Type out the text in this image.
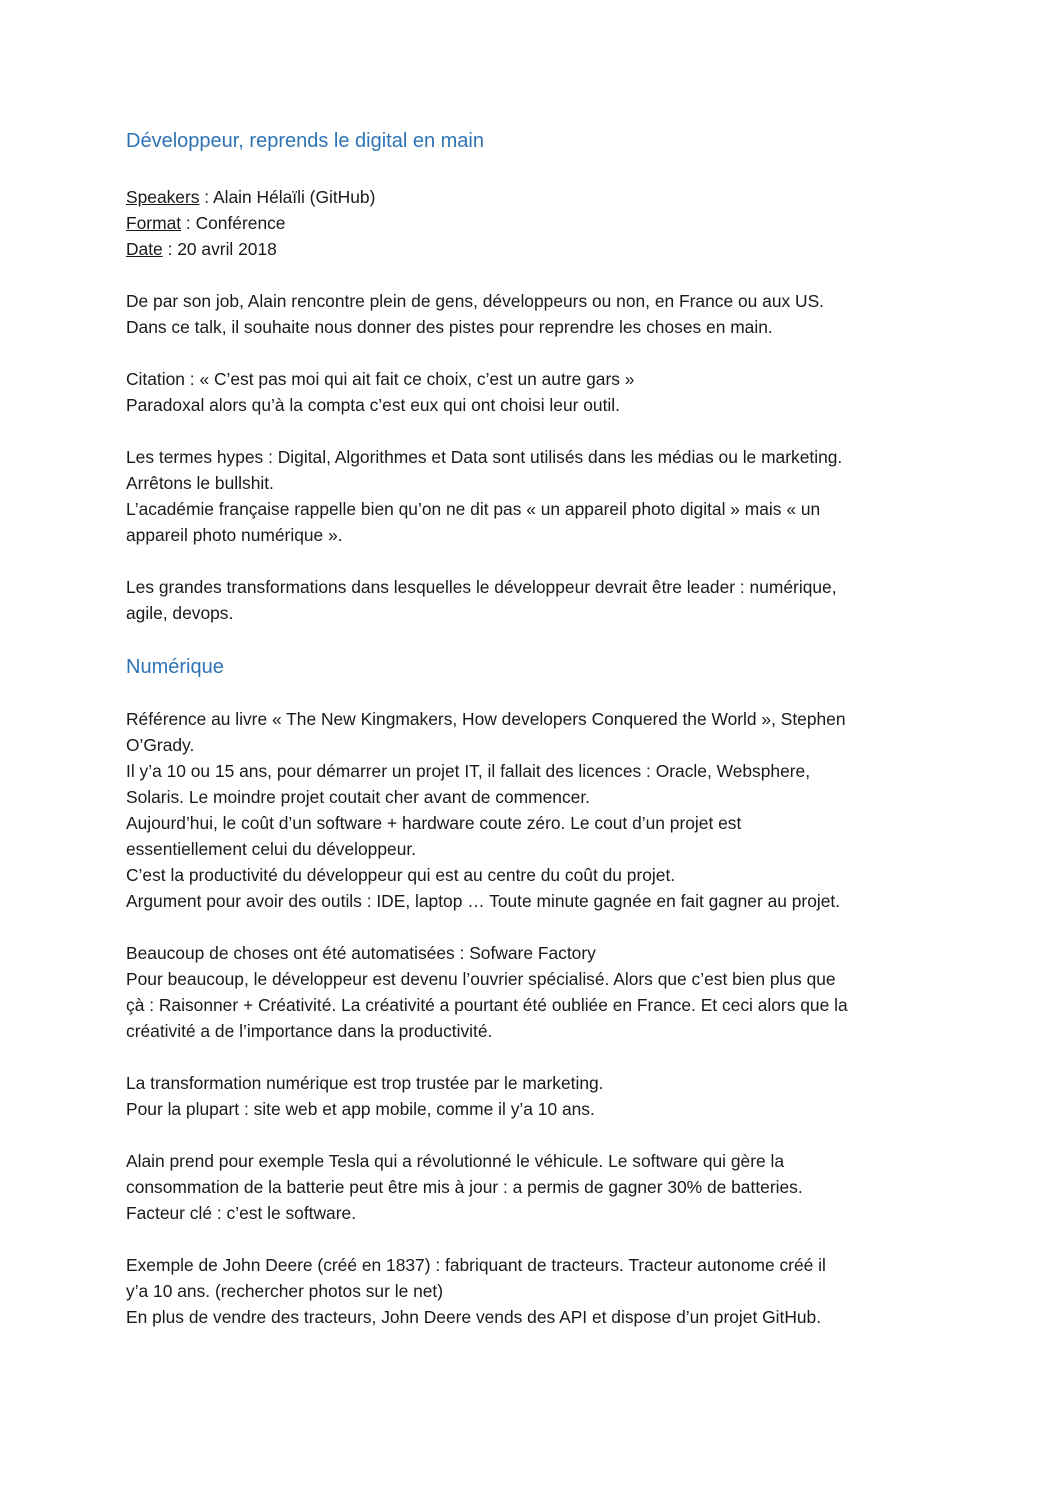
Développeur, reprends le digital en main

Speakers : Alain Hélaïli (GitHub)

Format : Conférence

Date : 20 avril 2018

De par son job, Alain rencontre plein de gens, développeurs ou non, en France ou aux US.

Dans ce talk, il souhaite nous donner des pistes pour reprendre les choses en main.

Citation : « C’est pas moi qui ait fait ce choix, c’est un autre gars »

Paradoxal alors qu’à la compta c’est eux qui ont choisi leur outil.

Les termes hypes : Digital, Algorithmes et Data sont utilisés dans les médias ou le marketing.

Arrêtons le bullshit.

L’académie française rappelle bien qu’on ne dit pas « un appareil photo digital » mais « un

appareil photo numérique ».

Les grandes transformations dans lesquelles le développeur devrait être leader : numérique,

agile, devops.

Numérique

Référence au livre « The New Kingmakers, How developers Conquered the World », Stephen

O’Grady.

Il y’a 10 ou 15 ans, pour démarrer un projet IT, il fallait des licences : Oracle, Websphere,

Solaris. Le moindre projet coutait cher avant de commencer.

Aujourd’hui, le coût d’un software + hardware coute zéro. Le cout d’un projet est

essentiellement celui du développeur.

C’est la productivité du développeur qui est au centre du coût du projet.

Argument pour avoir des outils : IDE, laptop … Toute minute gagnée en fait gagner au projet.

Beaucoup de choses ont été automatisées : Sofware Factory

Pour beaucoup, le développeur est devenu l’ouvrier spécialisé. Alors que c’est bien plus que

çà : Raisonner + Créativité. La créativité a pourtant été oubliée en France. Et ceci alors que la

créativité a de l’importance dans la productivité.

La transformation numérique est trop trustée par le marketing.

Pour la plupart : site web et app mobile, comme il y’a 10 ans.

Alain prend pour exemple Tesla qui a révolutionné le véhicule. Le software qui gère la

consommation de la batterie peut être mis à jour : a permis de gagner 30% de batteries.

Facteur clé : c’est le software.

Exemple de John Deere (créé en 1837) : fabriquant de tracteurs. Tracteur autonome créé il

y’a 10 ans. (rechercher photos sur le net)

En plus de vendre des tracteurs, John Deere vends des API et dispose d’un projet GitHub.
